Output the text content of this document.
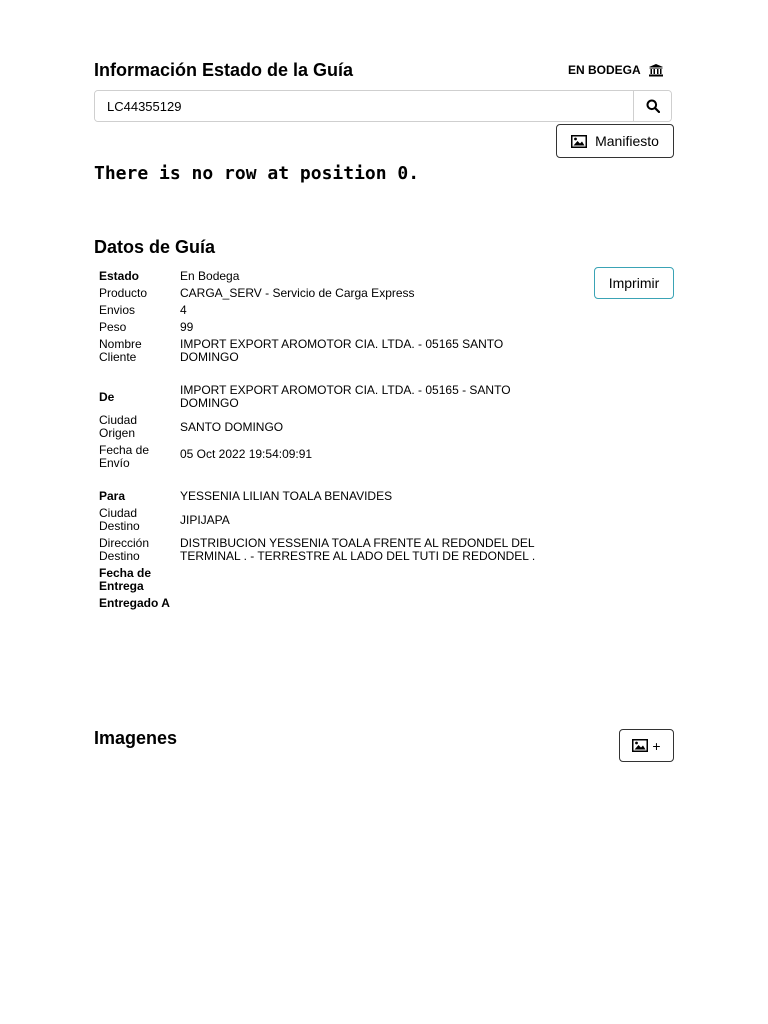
Información Estado de la Guía	EN BODEGA
LC44355129
Manifiesto
There is no row at position 0.
Datos de Guía
Imprimir
Estado	En Bodega
Producto	CARGA_SERV - Servicio de Carga Express
Envios	4
Peso	99
Nombre Cliente	IMPORT EXPORT AROMOTOR CIA. LTDA. - 05165 SANTO DOMINGO
De	IMPORT EXPORT AROMOTOR CIA. LTDA. - 05165 - SANTO DOMINGO
Ciudad Origen	SANTO DOMINGO
Fecha de Envío	05 Oct 2022 19:54:09:91
Para	YESSENIA LILIAN TOALA BENAVIDES
Ciudad Destino	JIPIJAPA
Dirección Destino	DISTRIBUCION YESSENIA TOALA FRENTE AL REDONDEL DEL TERMINAL . - TERRESTRE AL LADO DEL TUTI DE REDONDEL .
Fecha de Entrega	
Entregado A	
Imagenes	+
